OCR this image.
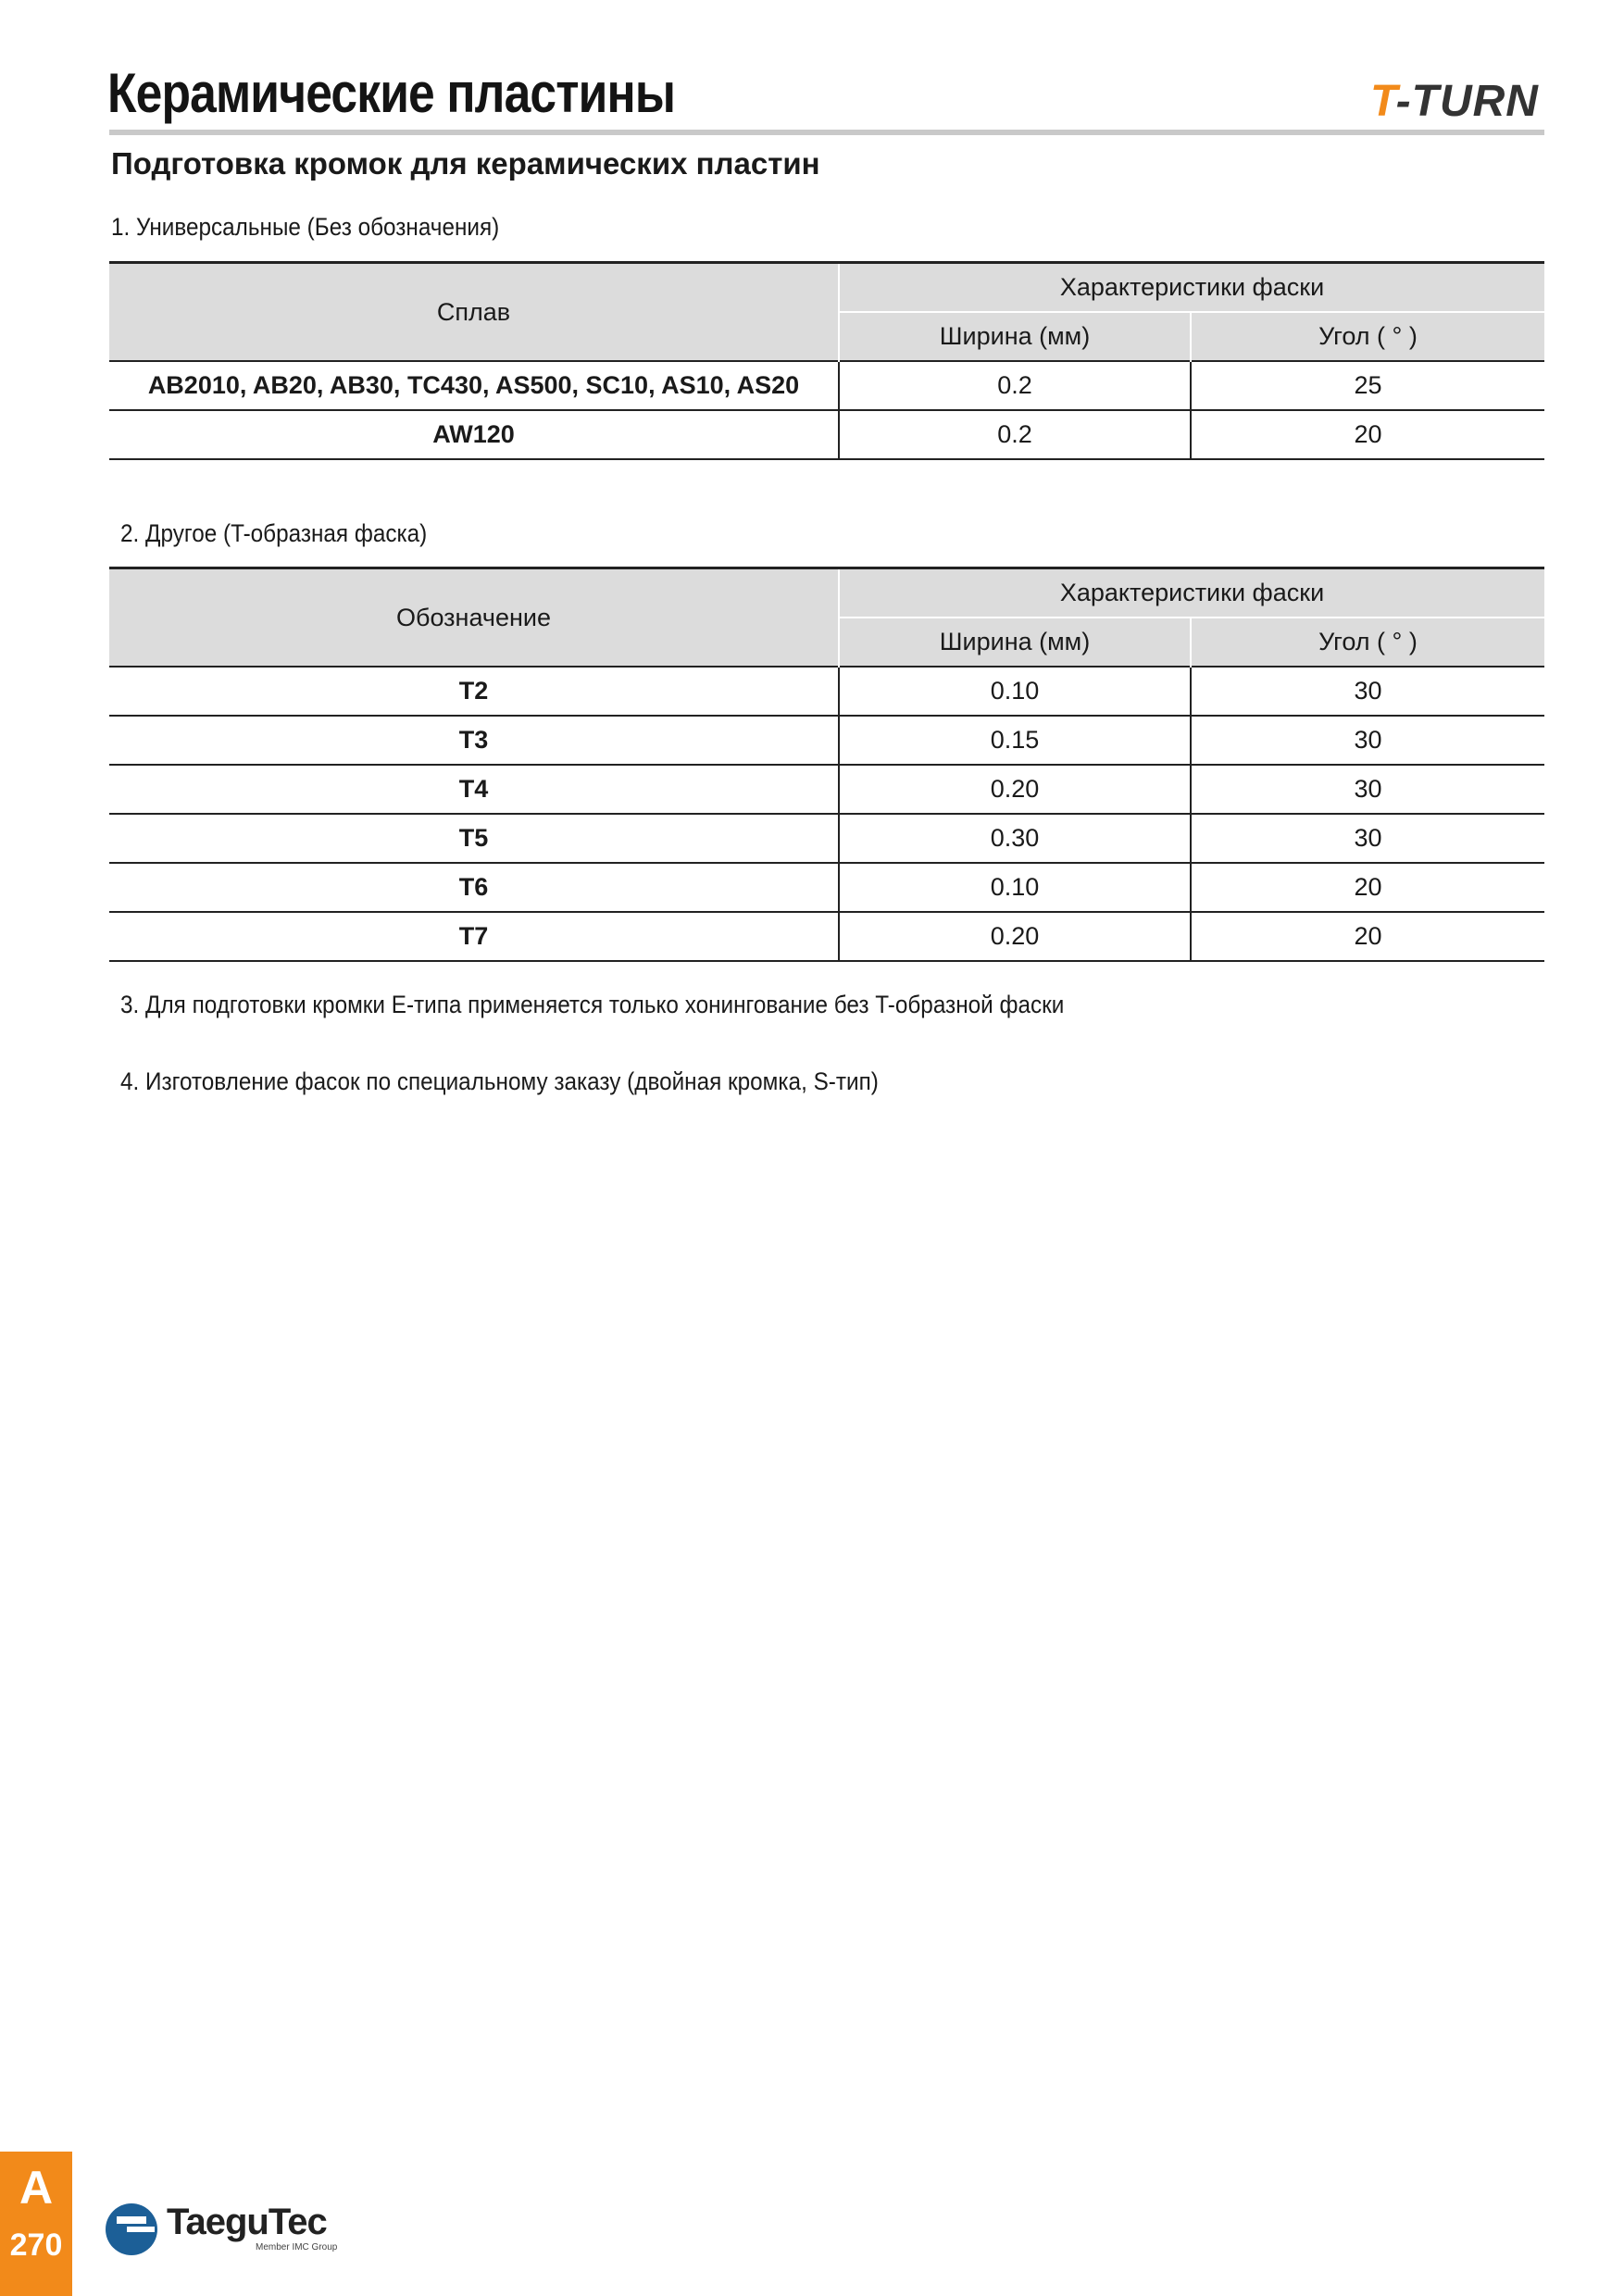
Керамические пластины	T-TURN
Подготовка кромок для керамических пластин
1. Универсальные (Без обозначения)
Сплав	Характеристики фаски	
	Ширина (мм)	Угол ( ° )
AB2010, AB20, AB30, TC430, AS500, SC10, AS10, AS20	0.2	25
AW120	0.2	20
2. Другое (T-образная фаска)
Обозначение	Характеристики фаски	
	Ширина (мм)	Угол ( ° )
T2	0.10	30
T3	0.15	30
T4	0.20	30
T5	0.30	30
T6	0.10	20
T7	0.20	20
3. Для подготовки кромки E-типа применяется только хонингование без T-образной фаски
4. Изготовление фасок по специальному заказу (двойная кромка, S-тип)
A
270
TaeguTec
Member IMC Group
